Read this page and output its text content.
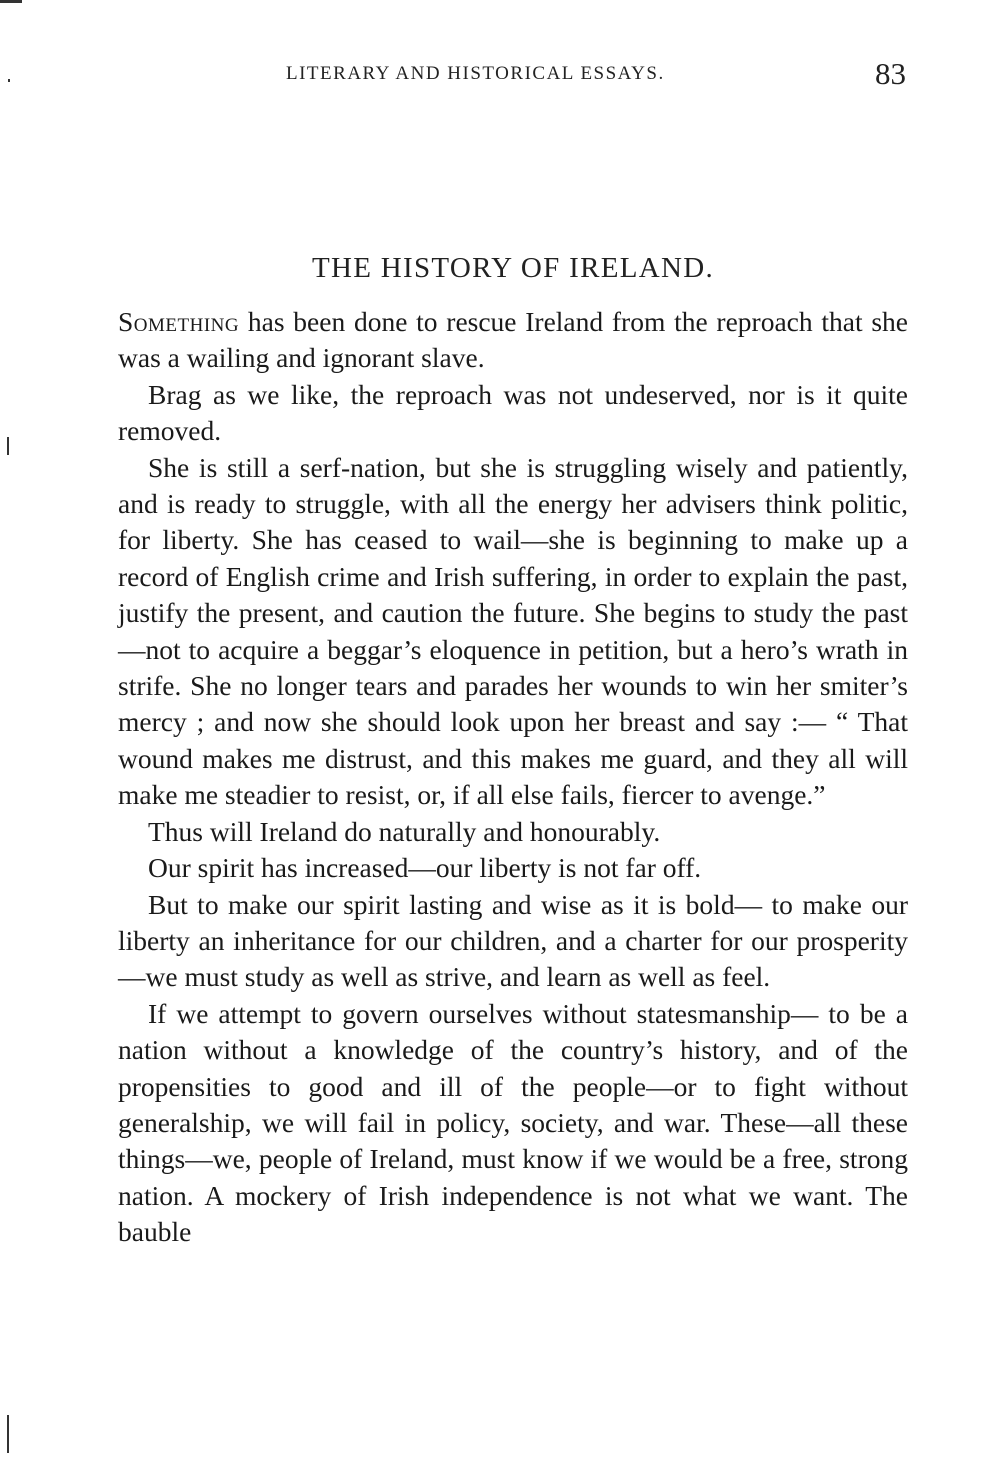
LITERARY AND HISTORICAL ESSAYS.	83
THE HISTORY OF IRELAND.

Something has been done to rescue Ireland from the reproach that she was a wailing and ignorant slave.

Brag as we like, the reproach was not undeserved, nor is it quite removed.

She is still a serf-nation, but she is struggling wisely and patiently, and is ready to struggle, with all the energy her advisers think politic, for liberty. She has ceased to wail—she is beginning to make up a record of English crime and Irish suffering, in order to explain the past, justify the present, and caution the future. She begins to study the past—not to acquire a beggar’s eloquence in petition, but a hero’s wrath in strife. She no longer tears and parades her wounds to win her smiter’s mercy ; and now she should look upon her breast and say :— “ That wound makes me distrust, and this makes me guard, and they all will make me steadier to resist, or, if all else fails, fiercer to avenge.”

Thus will Ireland do naturally and honourably.

Our spirit has increased—our liberty is not far off.

But to make our spirit lasting and wise as it is bold— to make our liberty an inheritance for our children, and a charter for our prosperity—we must study as well as strive, and learn as well as feel.

If we attempt to govern ourselves without statesmanship— to be a nation without a knowledge of the country’s history, and of the propensities to good and ill of the people—or to fight without generalship, we will fail in policy, society, and war. These—all these things—we, people of Ireland, must know if we would be a free, strong nation. A mockery of Irish independence is not what we want. The bauble
